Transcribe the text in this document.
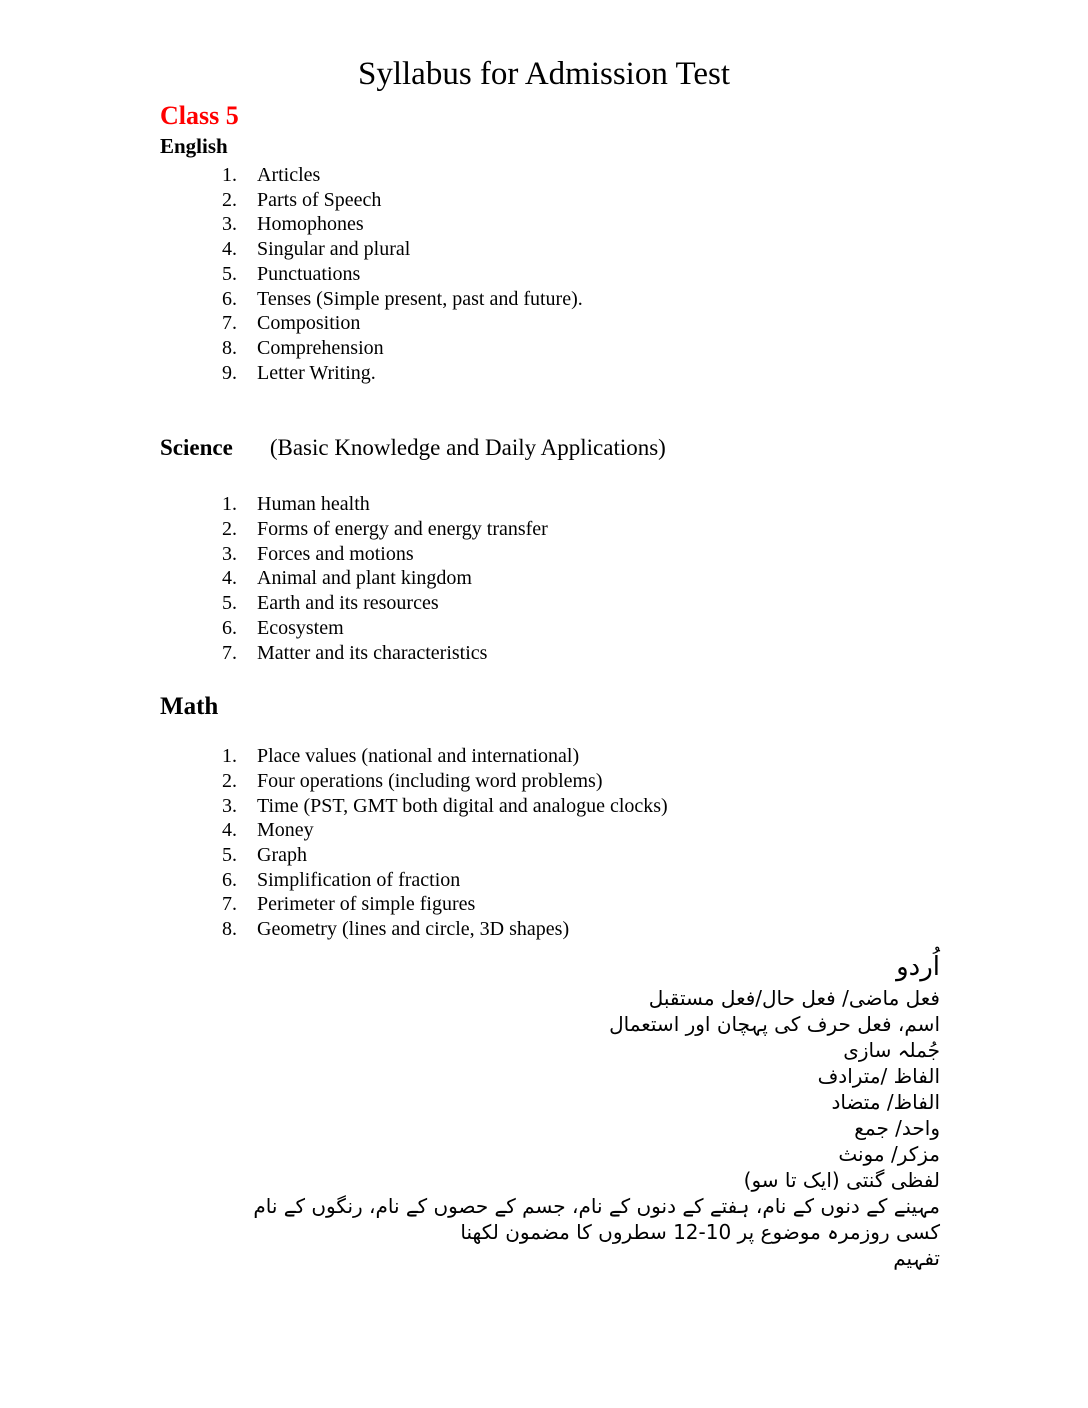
Syllabus for Admission Test
Class 5
English
1.	Articles
2.	Parts of Speech
3.	Homophones
4.	Singular and plural
5.	Punctuations
6.	Tenses (Simple present, past and future).
7.	Composition
8.	Comprehension
9.	Letter Writing.
Science (Basic Knowledge and Daily Applications)
1.	Human health
2.	Forms of energy and energy transfer
3.	Forces and motions
4.	Animal and plant kingdom
5.	Earth and its resources
6.	Ecosystem
7.	Matter and its characteristics
Math
1.	Place values (national and international)
2.	Four operations (including word problems)
3.	Time (PST, GMT both digital and analogue clocks)
4.	Money
5.	Graph
6.	Simplification of fraction
7.	Perimeter of simple figures
8.	Geometry (lines and circle, 3D shapes)
اُردو
فعل ماضی/ فعل حال/فعل مستقبل
اسم، فعل حرف کی پہچان اور استعمال
جُملہ سازی
الفاظ /مترادف
الفاظ/ متضاد
واحد/ جمع
مزکر/ مونث
لفظی گنتی (ایک تا سو)
مہینے کے دنوں کے نام، ہفتے کے دنوں کے نام، جسم کے حصوں کے نام، رنگوں کے نام
کسی روزمرہ موضوع پر 10-12 سطروں کا مضمون لکھنا
تفہیم
